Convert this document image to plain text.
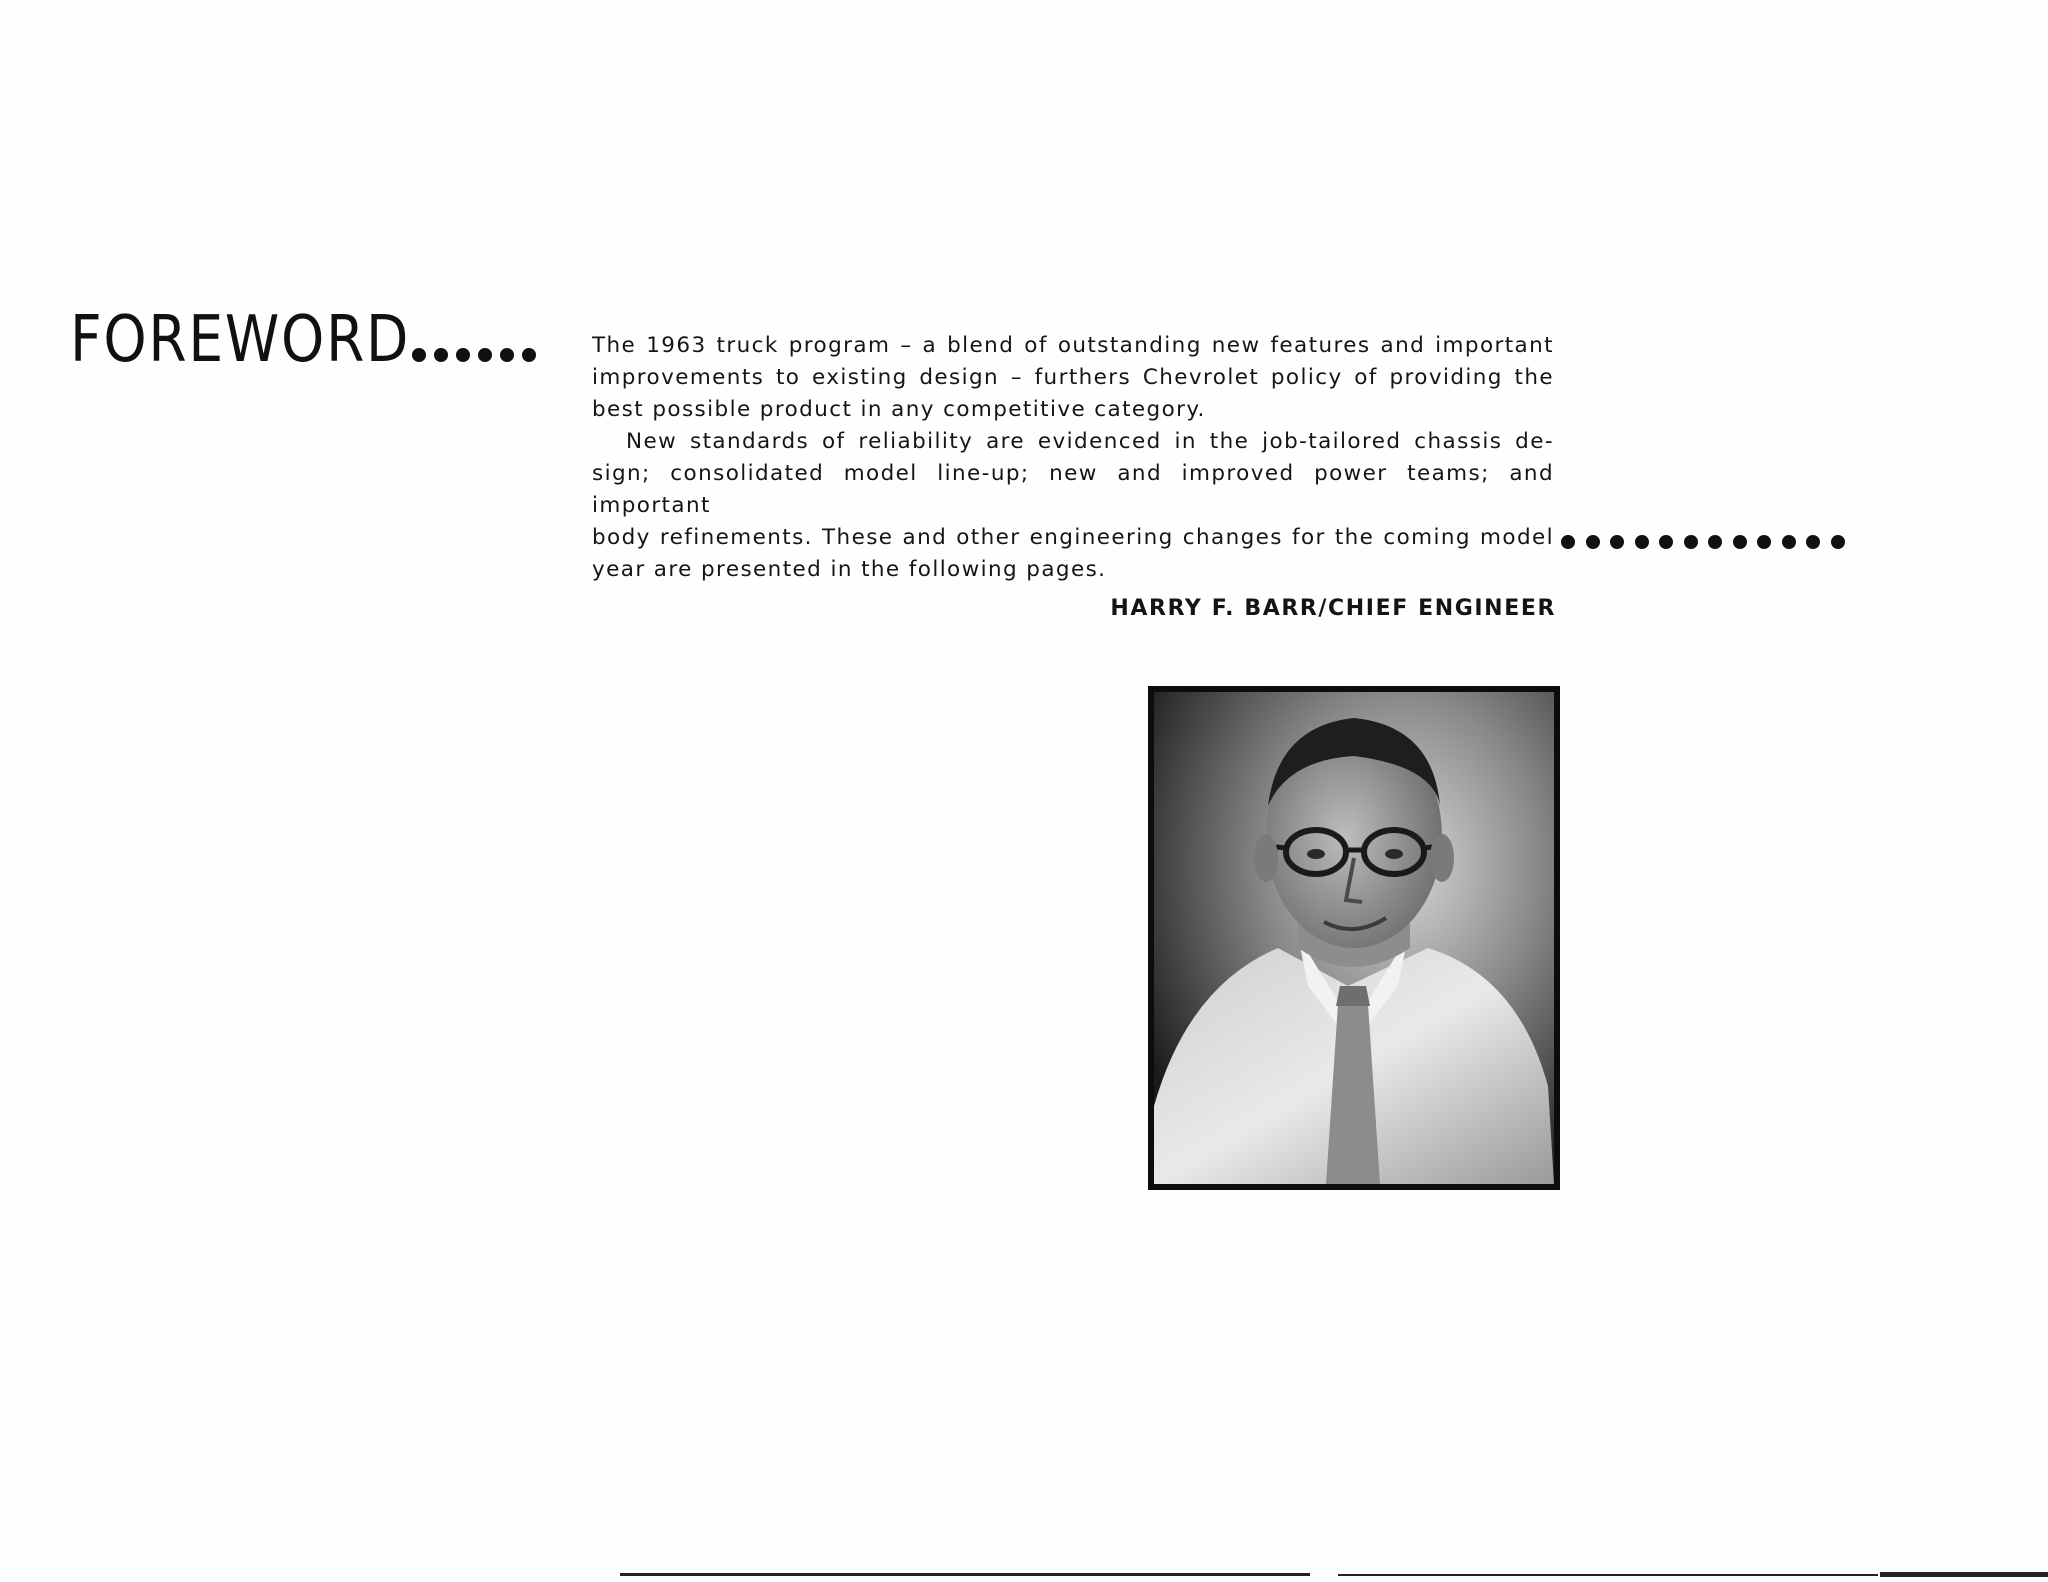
FOREWORD	The 1963 truck program – a blend of outstanding new features and important

improvements to existing design – furthers Chevrolet policy of providing the

best possible product in any competitive category.

New standards of reliability are evidenced in the job-tailored chassis de-

sign; consolidated model line-up; new and improved power teams; and important

body refinements. These and other engineering changes for the coming model

year are presented in the following pages.

HARRY F. BARR/CHIEF ENGINEER
